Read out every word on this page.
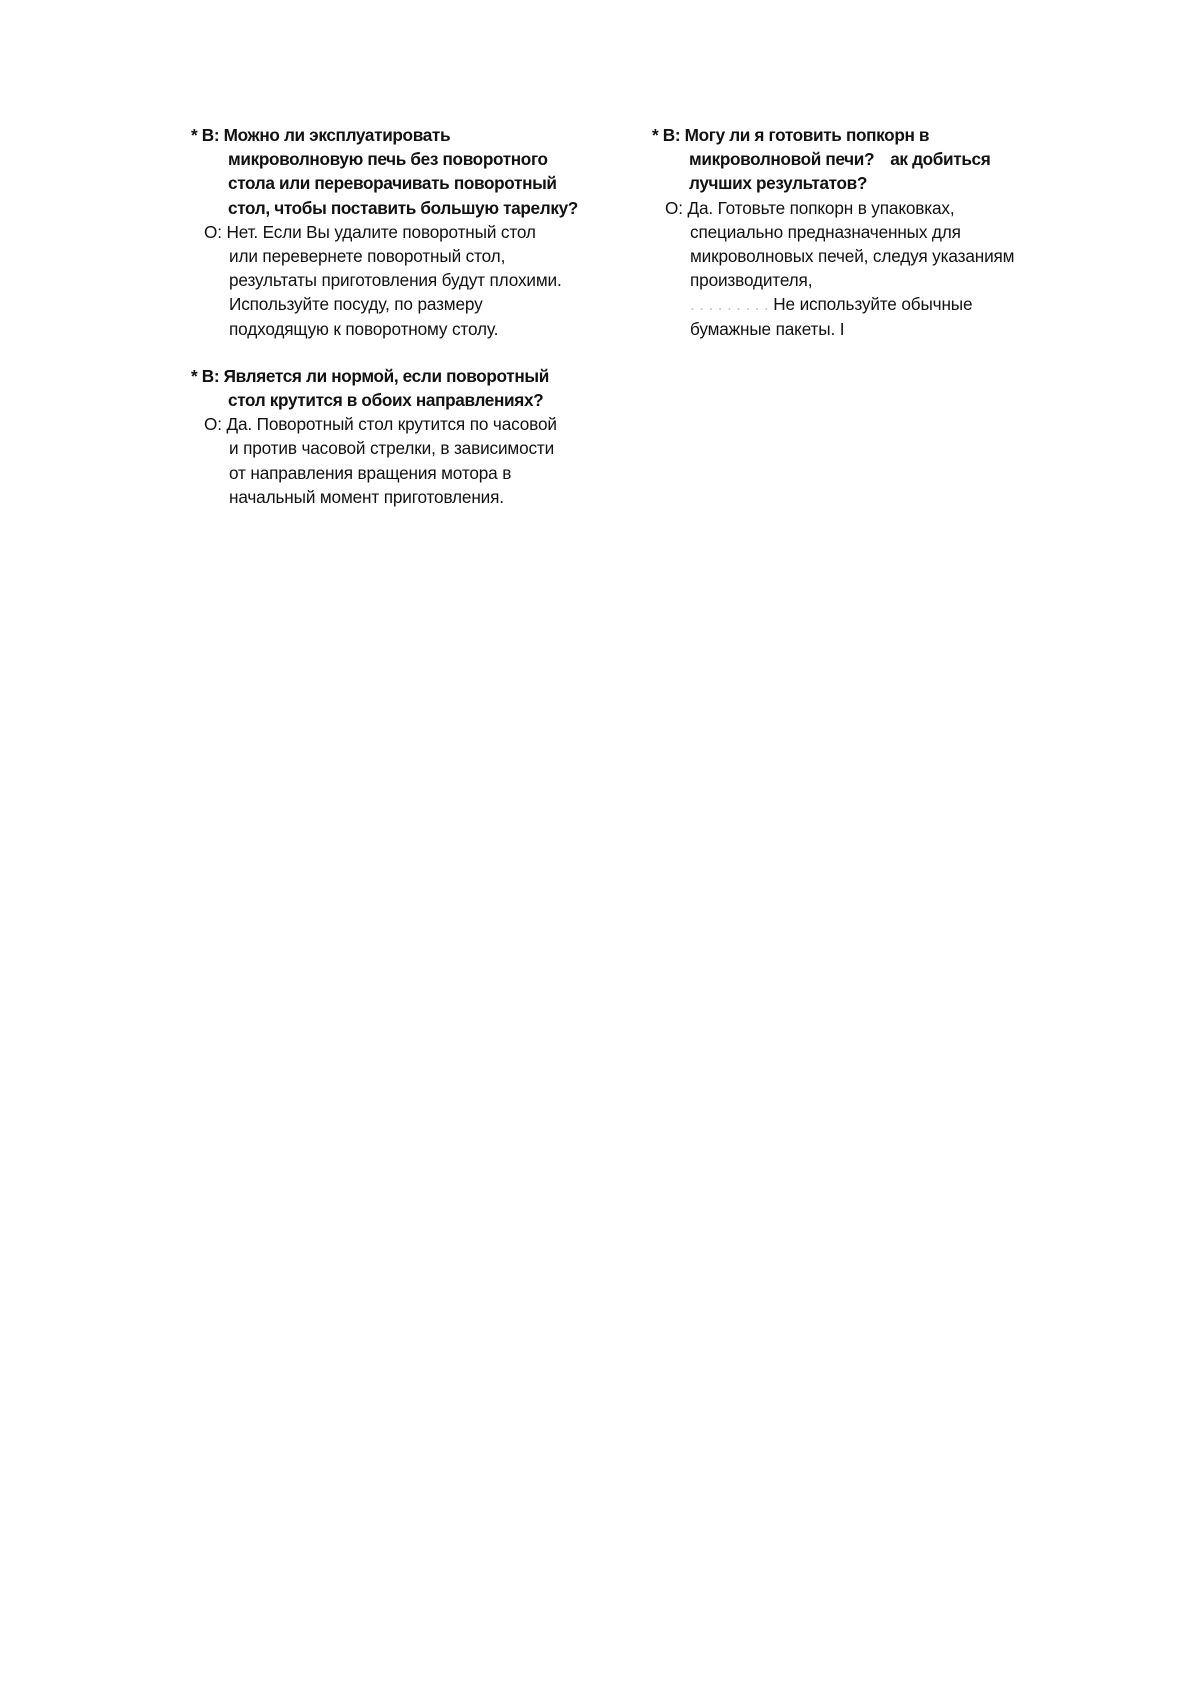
* В: Можно ли эксплуатировать
микроволновую печь без поворотного
стола или переворачивать поворотный
стол, чтобы поставить большую тарелку?
О: Нет. Если Вы удалите поворотный стол
или перевернете поворотный стол,
результаты приготовления будут плохими.
Используйте посуду, по размеру
подходящую к поворотному столу.
* В: Является ли нормой, если поворотный
стол крутится в обоих направлениях?
О: Да. Поворотный стол крутится по часовой
и против часовой стрелки, в зависимости
от направления вращения мотора в
начальный момент приготовления.
* В: Могу ли я готовить попкорн в
микроволновой печи? ак добиться
лучших результатов?
О: Да. Готовьте попкорн в упаковках,
специально предназначенных для
микроволновых печей, следуя указаниям
производителя,
. . . . . . . . . Не используйте обычные
бумажные пакеты. І
